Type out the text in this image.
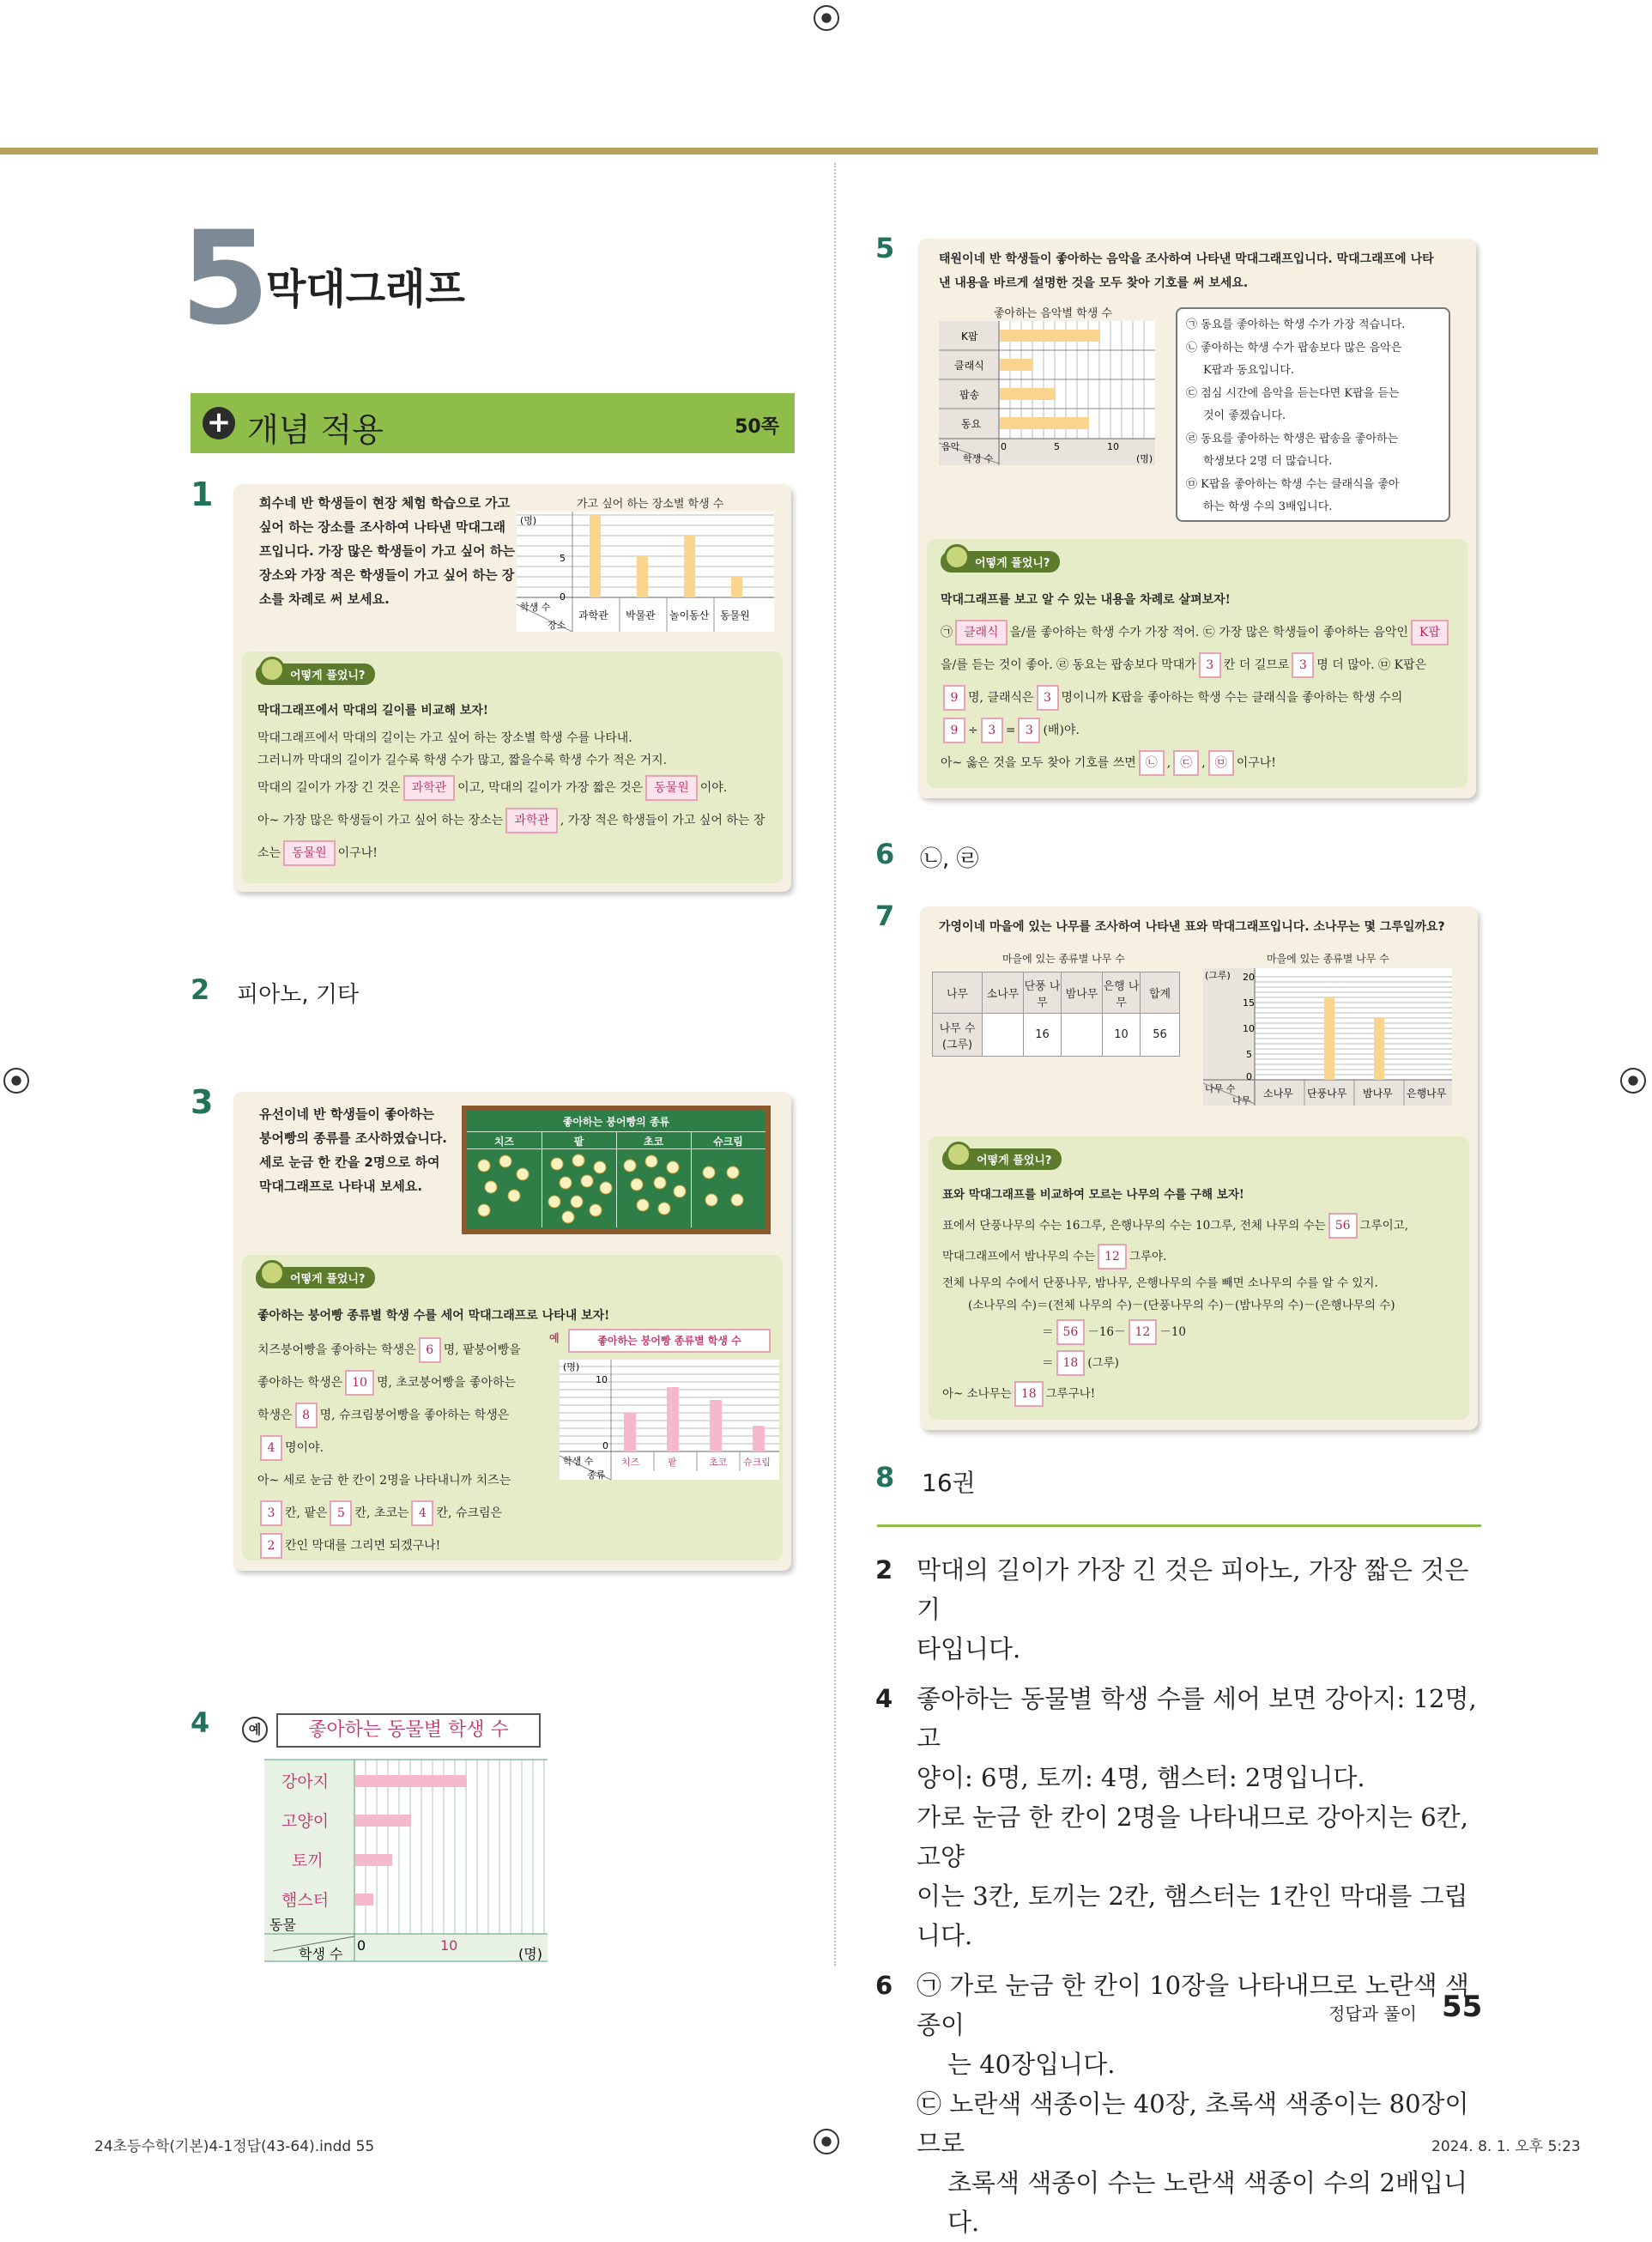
5
막대그래프
+ 개념 적용	50쪽
1	희수네 반 학생들이 현장 체험 학습으로 가고
싶어 하는 장소를 조사하여 나타낸 막대그래
프입니다. 가장 많은 학생들이 가고 싶어 하는
장소와 가장 적은 학생들이 가고 싶어 하는 장
소를 차례로 써 보세요.
가고 싶어 하는 장소별 학생 수
(명)
5
0
학생 수
장소
과학관 박물관 놀이동산 동물원
어떻게 풀었니?
막대그래프에서 막대의 길이를 비교해 보자!
막대그래프에서 막대의 길이는 가고 싶어 하는 장소별 학생 수를 나타내.
그러니까 막대의 길이가 길수록 학생 수가 많고, 짧을수록 학생 수가 적은 거지.
막대의 길이가 가장 긴 것은 과학관 이고, 막대의 길이가 가장 짧은 것은 동물원 이야.
아~ 가장 많은 학생들이 가고 싶어 하는 장소는 과학관 , 가장 적은 학생들이 가고 싶어 하는 장
소는 동물원 이구나!
2 피아노, 기타
3	유선이네 반 학생들이 좋아하는
붕어빵의 종류를 조사하였습니다.
세로 눈금 한 칸을 2명으로 하여
막대그래프로 나타내 보세요.
좋아하는 붕어빵의 종류
치즈	팥	초코	슈크림
어떻게 풀었니?
좋아하는 붕어빵 종류별 학생 수를 세어 막대그래프로 나타내 보자!
치즈붕어빵을 좋아하는 학생은 6 명, 팥붕어빵을
좋아하는 학생은 10 명, 초코붕어빵을 좋아하는
학생은 8 명, 슈크림붕어빵을 좋아하는 학생은
4 명이야.
아~ 세로 눈금 한 칸이 2명을 나타내니까 치즈는
3 칸, 팥은 5 칸, 초코는 4 칸, 슈크림은
2 칸인 막대를 그리면 되겠구나!
예	좋아하는 붕어빵 종류별 학생 수
(명)
10
0
학생 수
종류
치즈	팥	초코 슈크림
4	예	좋아하는 동물별 학생 수
강아지
고양이
토끼
햄스터
동물
학생 수
0	10
(명)
5	태원이네 반 학생들이 좋아하는 음악을 조사하여 나타낸 막대그래프입니다. 막대그래프에 나타
낸 내용을 바르게 설명한 것을 모두 찾아 기호를 써 보세요.
좋아하는 음악별 학생 수
K팝
클래식
팝송
동요
음악
학생 수
0	5	10
(명)
㉠ 동요를 좋아하는 학생 수가 가장 적습니다.
㉡ 좋아하는 학생 수가 팝송보다 많은 음악은
K팝과 동요입니다.
㉢ 점심 시간에 음악을 듣는다면 K팝을 듣는
것이 좋겠습니다.
㉣ 동요를 좋아하는 학생은 팝송을 좋아하는
학생보다 2명 더 많습니다.
㉤ K팝을 좋아하는 학생 수는 클래식을 좋아
하는 학생 수의 3배입니다.
어떻게 풀었니?
막대그래프를 보고 알 수 있는 내용을 차례로 살펴보자!
㉠ 클래식 을/를 좋아하는 학생 수가 가장 적어. ㉢ 가장 많은 학생들이 좋아하는 음악인 K팝
을/를 듣는 것이 좋아. ㉣ 동요는 팝송보다 막대가 3 칸 더 길므로 3 명 더 많아. ㉤ K팝은
9 명, 클래식은 3 명이니까 K팝을 좋아하는 학생 수는 클래식을 좋아하는 학생 수의
9 ÷ 3 = 3 (배)야.
아~ 옳은 것을 모두 찾아 기호를 쓰면 ㉡ , ㉢ , ㉤ 이구나!
6 ㉡, ㉣
7	가영이네 마을에 있는 나무를 조사하여 나타낸 표와 막대그래프입니다. 소나무는 몇 그루일까요?
마을에 있는 종류별 나무 수
나무	소나무	단풍 나무	밤나무	은행 나무	합계
나무 수 (그루)		16		10	56
마을에 있는 종류별 나무 수
(그루) 20
15
10
5
0
나무 수
나무
소나무 단풍나무 밤나무 은행나무
어떻게 풀었니?
표와 막대그래프를 비교하여 모르는 나무의 수를 구해 보자!
표에서 단풍나무의 수는 16그루, 은행나무의 수는 10그루, 전체 나무의 수는 56 그루이고,
막대그래프에서 밤나무의 수는 12 그루야.
전체 나무의 수에서 단풍나무, 밤나무, 은행나무의 수를 빼면 소나무의 수를 알 수 있지.
(소나무의 수)＝(전체 나무의 수)－(단풍나무의 수)－(밤나무의 수)－(은행나무의 수)
＝ 56 －16－ 12 －10
＝ 18 (그루)
아~ 소나무는 18 그루구나!
8 16권
2 막대의 길이가 가장 긴 것은 피아노, 가장 짧은 것은 기
타입니다.
4 좋아하는 동물별 학생 수를 세어 보면 강아지: 12명, 고
양이: 6명, 토끼: 4명, 햄스터: 2명입니다.
가로 눈금 한 칸이 2명을 나타내므로 강아지는 6칸, 고양
이는 3칸, 토끼는 2칸, 햄스터는 1칸인 막대를 그립니다.
6 ㉠ 가로 눈금 한 칸이 10장을 나타내므로 노란색 색종이
는 40장입니다.
㉢ 노란색 색종이는 40장, 초록색 색종이는 80장이므로
초록색 색종이 수는 노란색 색종이 수의 2배입니다.
정답과 풀이 55
24초등수학(기본)4-1정답(43-64).indd 55	2024. 8. 1. 오후 5:23
